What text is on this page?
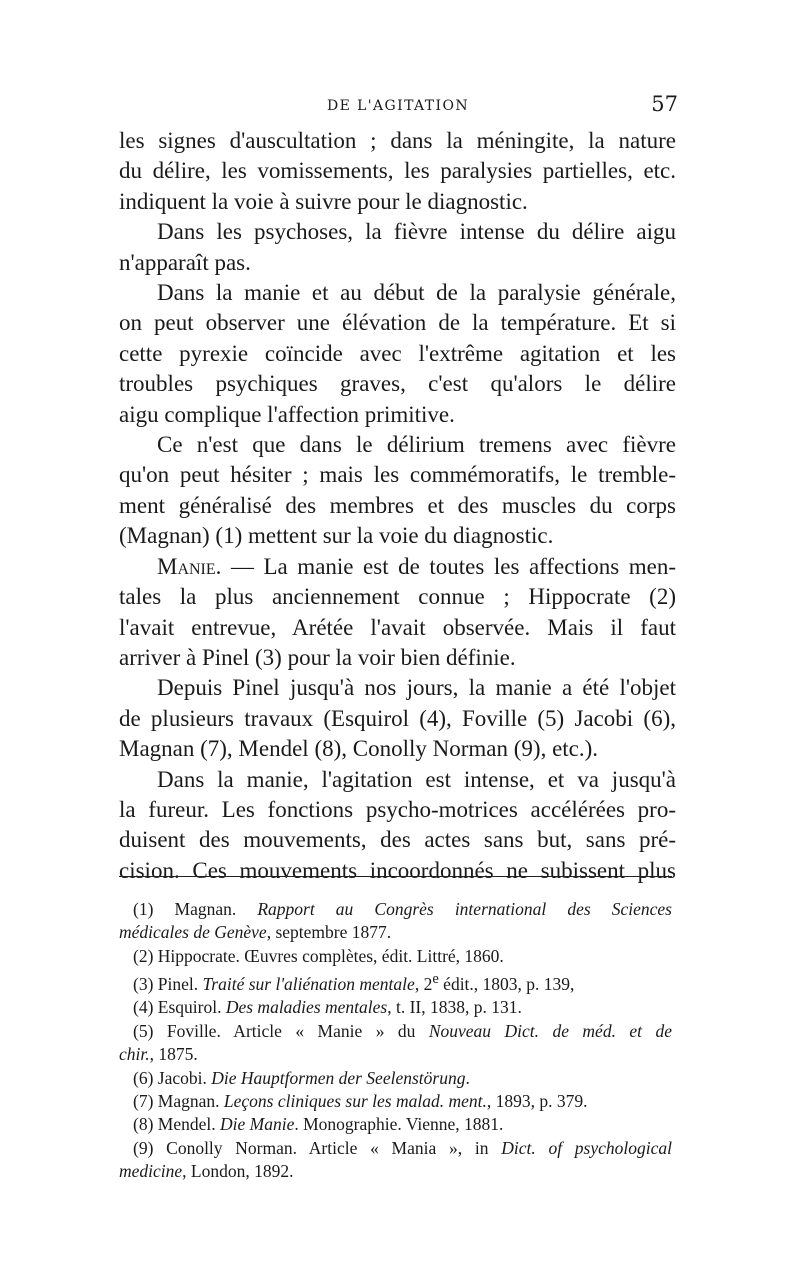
DE L'AGITATION	57

les signes d'auscultation ; dans la méningite, la nature

du délire, les vomissements, les paralysies partielles, etc.

indiquent la voie à suivre pour le diagnostic.

Dans les psychoses, la fièvre intense du délire aigu

n'apparaît pas.

Dans la manie et au début de la paralysie générale,

on peut observer une élévation de la température. Et si

cette pyrexie coïncide avec l'extrême agitation et les

troubles psychiques graves, c'est qu'alors le délire

aigu complique l'affection primitive.

Ce n'est que dans le délirium tremens avec fièvre

qu'on peut hésiter ; mais les commémoratifs, le tremble-

ment généralisé des membres et des muscles du corps

(Magnan) (1) mettent sur la voie du diagnostic.

Manie. — La manie est de toutes les affections men-

tales la plus anciennement connue ; Hippocrate (2)

l'avait entrevue, Arétée l'avait observée. Mais il faut

arriver à Pinel (3) pour la voir bien définie.

Depuis Pinel jusqu'à nos jours, la manie a été l'objet

de plusieurs travaux (Esquirol (4), Foville (5) Jacobi (6),

Magnan (7), Mendel (8), Conolly Norman (9), etc.).

Dans la manie, l'agitation est intense, et va jusqu'à

la fureur. Les fonctions psycho-motrices accélérées pro-

duisent des mouvements, des actes sans but, sans pré-

cision. Ces mouvements incoordonnés ne subissent plus

(1) Magnan. Rapport au Congrès international des Sciences

médicales de Genève, septembre 1877.

(2) Hippocrate. Œuvres complètes, édit. Littré, 1860.

(3) Pinel. Traité sur l'aliénation mentale, 2e édit., 1803, p. 139,

(4) Esquirol. Des maladies mentales, t. II, 1838, p. 131.

(5) Foville. Article « Manie » du Nouveau Dict. de méd. et de

chir., 1875.

(6) Jacobi. Die Hauptformen der Seelenstörung.

(7) Magnan. Leçons cliniques sur les malad. ment., 1893, p. 379.

(8) Mendel. Die Manie. Monographie. Vienne, 1881.

(9) Conolly Norman. Article « Mania », in Dict. of psychological

medicine, London, 1892.
